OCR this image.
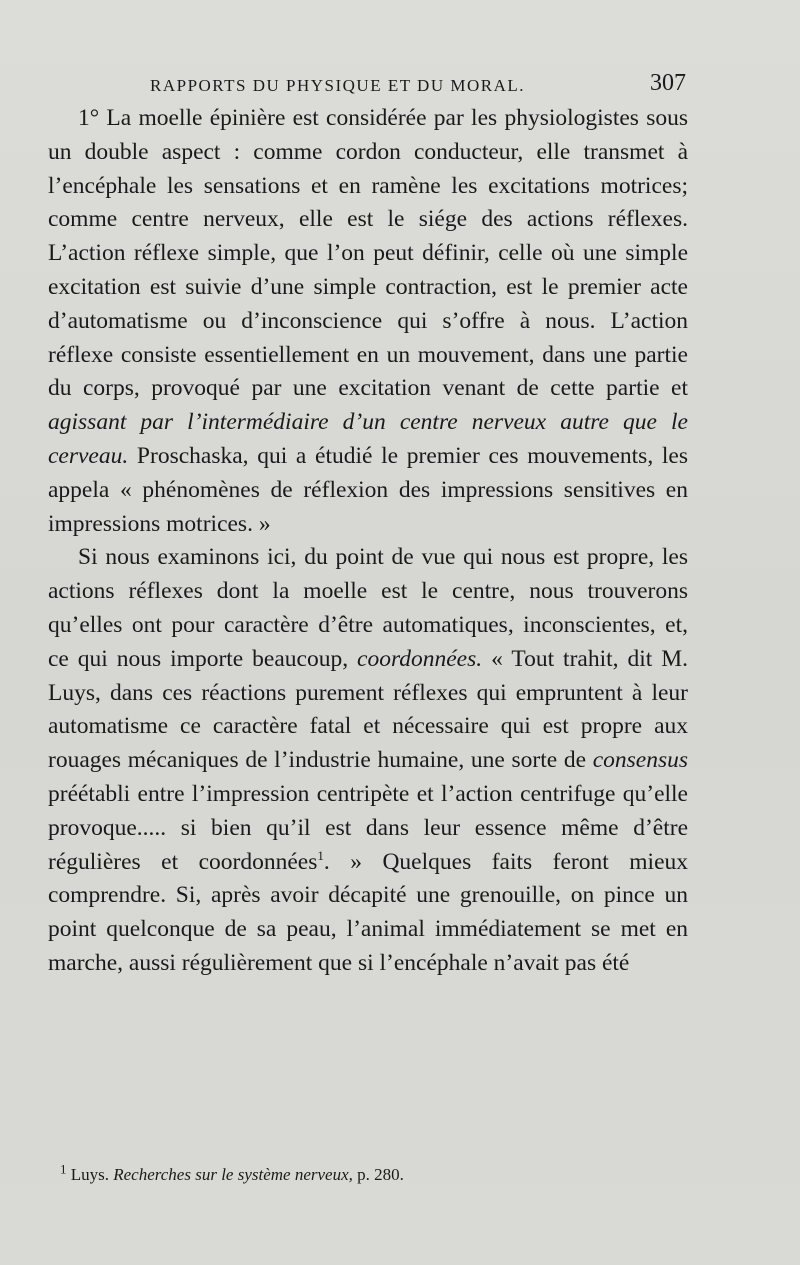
RAPPORTS DU PHYSIQUE ET DU MORAL.	307

1° La moelle épinière est considérée par les physiologistes sous un double aspect : comme cordon conducteur, elle transmet à l’encéphale les sensations et en ramène les excitations motrices; comme centre nerveux, elle est le siége des actions réflexes. L’action réflexe simple, que l’on peut définir, celle où une simple excitation est suivie d’une simple contraction, est le premier acte d’automatisme ou d’inconscience qui s’offre à nous. L’action réflexe consiste essentiellement en un mouvement, dans une partie du corps, provoqué par une excitation venant de cette partie et agissant par l’intermédiaire d’un centre nerveux autre que le cerveau. Proschaska, qui a étudié le premier ces mouvements, les appela « phénomènes de réflexion des impressions sensitives en impressions motrices. »

Si nous examinons ici, du point de vue qui nous est propre, les actions réflexes dont la moelle est le centre, nous trouverons qu’elles ont pour caractère d’être automatiques, inconscientes, et, ce qui nous importe beaucoup, coordonnées. « Tout trahit, dit M. Luys, dans ces réactions purement réflexes qui empruntent à leur automatisme ce caractère fatal et nécessaire qui est propre aux rouages mécaniques de l’industrie humaine, une sorte de consensus préétabli entre l’impression centripète et l’action centrifuge qu’elle provoque..... si bien qu’il est dans leur essence même d’être régulières et coordonnées$^1$. » Quelques faits feront mieux comprendre. Si, après avoir décapité une grenouille, on pince un point quelconque de sa peau, l’animal immédiatement se met en marche, aussi régulièrement que si l’encéphale n’avait pas été

$^1$ Luys. Recherches sur le système nerveux, p. 280.
